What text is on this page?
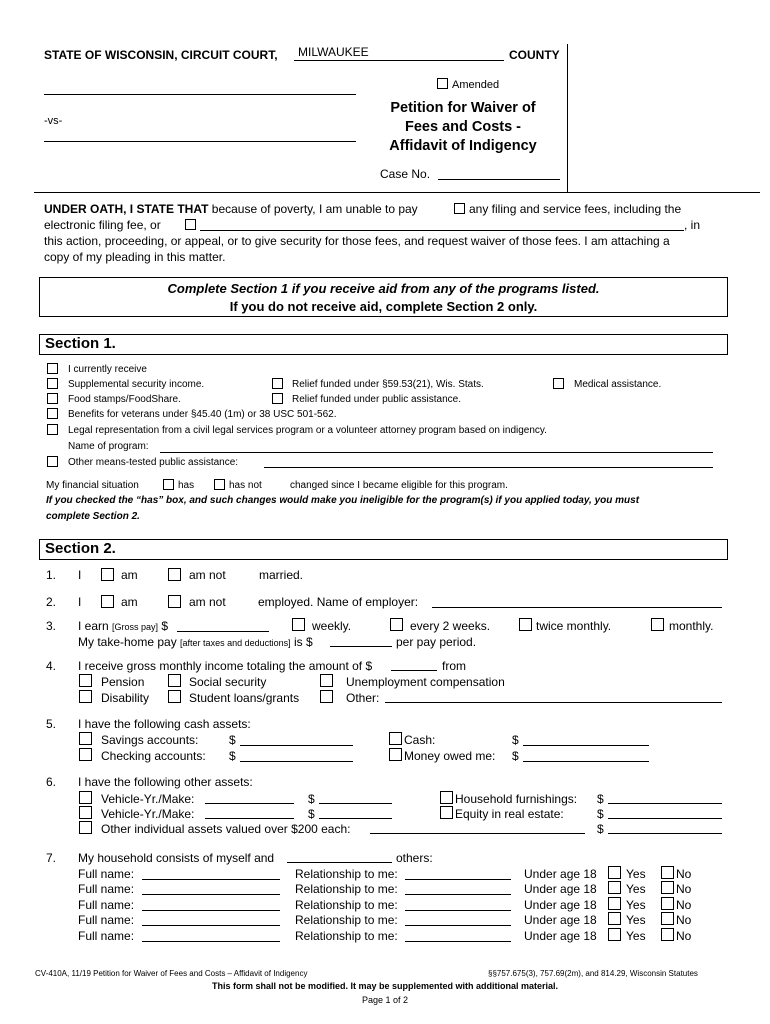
STATE OF WISCONSIN, CIRCUIT COURT, MILWAUKEE	COUNTY
Amended
-vs-
Petition for Waiver of
Fees and Costs -
Affidavit of Indigency
Case No.
UNDER OATH, I STATE THAT because of poverty, I am unable to pay	any filing and service fees, including the
electronic filing fee, or	, in
this action, proceeding, or appeal, or to give security for those fees, and request waiver of those fees. I am attaching a
copy of my pleading in this matter.
Complete Section 1 if you receive aid from any of the programs listed.
If you do not receive aid, complete Section 2 only.
Section 1.
I currently receive
Supplemental security income.	Relief funded under §59.53(21), Wis. Stats.	Medical assistance.
Food stamps/FoodShare.	Relief funded under public assistance.
Benefits for veterans under §45.40 (1m) or 38 USC 501-562.
Legal representation from a civil legal services program or a volunteer attorney program based on indigency.
Name of program:
Other means-tested public assistance:
My financial situation	has	has not	changed since I became eligible for this program.
If you checked the “has” box, and such changes would make you ineligible for the program(s) if you applied today, you must
complete Section 2.
Section 2.
1. I	am	am not	married.
2. I	am	am not	employed. Name of employer:
3. I earn [Gross pay] $	weekly.	every 2 weeks.	twice monthly.	monthly.
My take-home pay [after taxes and deductions] is $	per pay period.
4. I receive gross monthly income totaling the amount of $	from
Pension	Social security	Unemployment compensation
Disability	Student loans/grants	Other:
5. I have the following cash assets:
Savings accounts:	$	Cash:	$
Checking accounts: $	Money owed me: $
6. I have the following other assets:
Vehicle-Yr./Make:	$	Household furnishings: $
Vehicle-Yr./Make:	$	Equity in real estate:	$
Other individual assets valued over $200 each:	$
7. My household consists of myself and	others:
Full name:	Relationship to me:	Under age 18 Yes	No
Full name:	Relationship to me:	Under age 18 Yes	No
Full name:	Relationship to me:	Under age 18 Yes	No
Full name:	Relationship to me:	Under age 18 Yes	No
Full name:	Relationship to me:	Under age 18 Yes	No
CV-410A, 11/19 Petition for Waiver of Fees and Costs – Affidavit of Indigency	§§757.675(3), 757.69(2m), and 814.29, Wisconsin Statutes
This form shall not be modified. It may be supplemented with additional material.
Page 1 of 2
